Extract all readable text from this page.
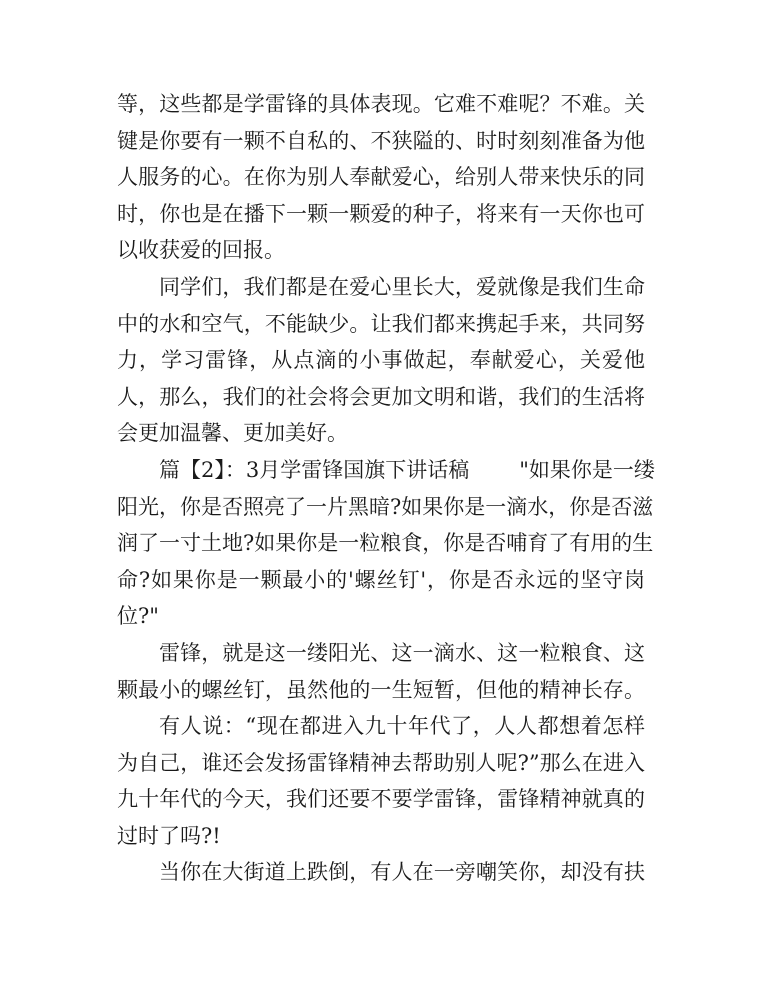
等，这些都是学雷锋的具体表现。它难不难呢？不难。关
键是你要有一颗不自私的、不狭隘的、时时刻刻准备为他
人服务的心。在你为别人奉献爱心，给别人带来快乐的同
时，你也是在播下一颗一颗爱的种子，将来有一天你也可
以收获爱的回报。
同学们，我们都是在爱心里长大，爱就像是我们生命
中的水和空气，不能缺少。让我们都来携起手来，共同努
力，学习雷锋，从点滴的小事做起，奉献爱心，关爱他
人，那么，我们的社会将会更加文明和谐，我们的生活将
会更加温馨、更加美好。
篇【2】：3月学雷锋国旗下讲话稿 "如果你是一缕
阳光，你是否照亮了一片黑暗?如果你是一滴水，你是否滋
润了一寸土地?如果你是一粒粮食，你是否哺育了有用的生
命?如果你是一颗最小的'螺丝钉'，你是否永远的坚守岗
位?"
雷锋，就是这一缕阳光、这一滴水、这一粒粮食、这
颗最小的螺丝钉，虽然他的一生短暂，但他的精神长存。
有人说：“现在都进入九十年代了，人人都想着怎样
为自己，谁还会发扬雷锋精神去帮助别人呢?”那么在进入
九十年代的今天，我们还要不要学雷锋，雷锋精神就真的
过时了吗?!
当你在大街道上跌倒，有人在一旁嘲笑你，却没有扶
